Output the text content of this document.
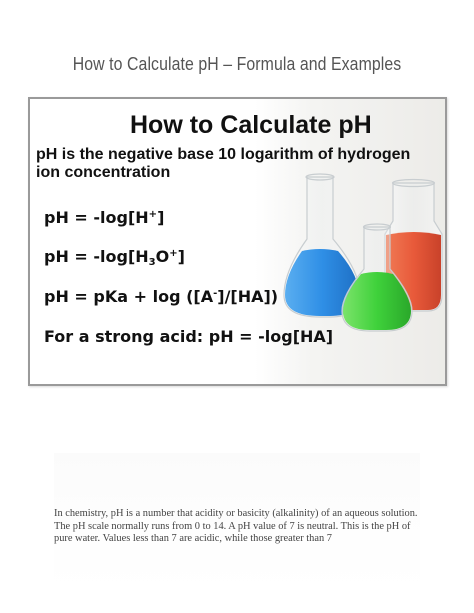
How to Calculate pH – Formula and Examples
How to Calculate pH
pH is the negative base 10 logarithm of hydrogen ion concentration
pH = -log[H+]
pH = $-\log[H_3O^+]$
pH = pKa + log ([A-]/[HA])
For a strong acid: pH = -log[HA]
In chemistry, pH is a number that acidity or basicity (alkalinity) of an aqueous solution. The pH scale normally runs from 0 to 14. A pH value of 7 is neutral. This is the pH of pure water. Values less than 7 are acidic, while those greater than 7
